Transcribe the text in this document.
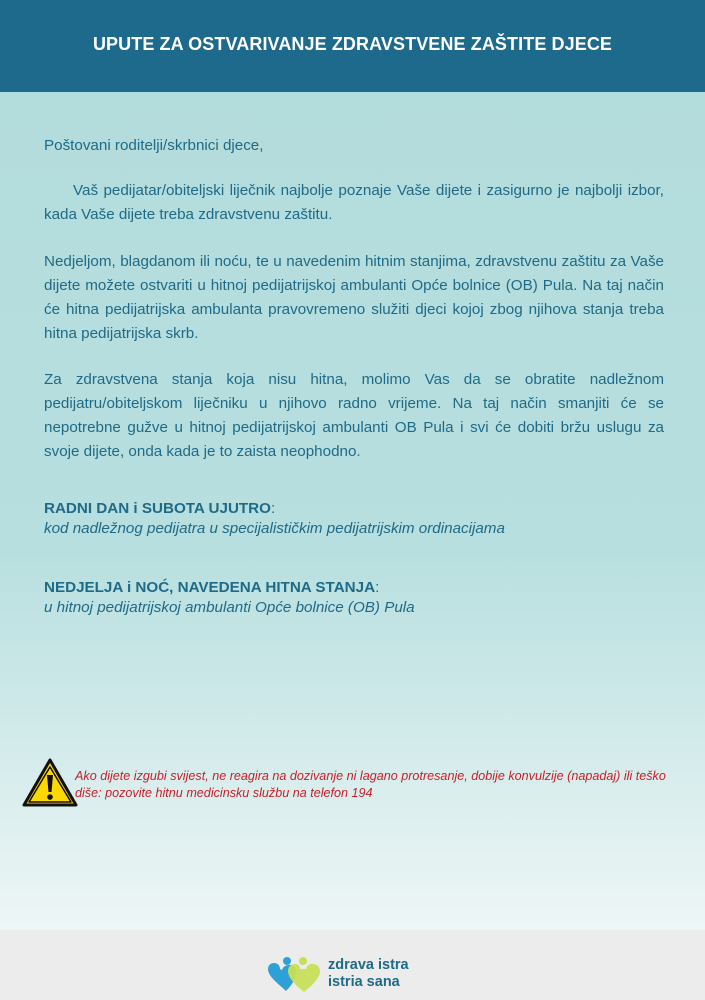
UPUTE ZA OSTVARIVANJE ZDRAVSTVENE ZAŠTITE DJECE
Poštovani roditelji/skrbnici djece,
Vaš pedijatar/obiteljski liječnik najbolje poznaje Vaše dijete i zasigurno je najbolji izbor, kada Vaše dijete treba zdravstvenu zaštitu.
Nedjeljom, blagdanom ili noću, te u navedenim hitnim stanjima, zdravstvenu zaštitu za Vaše dijete možete ostvariti u hitnoj pedijatrijskoj ambulanti Opće bolnice (OB) Pula. Na taj način će hitna pedijatrijska ambulanta pravovremeno služiti djeci kojoj zbog njihova stanja treba hitna pedijatrijska skrb.
Za zdravstvena stanja koja nisu hitna, molimo Vas da se obratite nadležnom pedijatru/obiteljskom liječniku u njihovo radno vrijeme. Na taj način smanjiti će se nepotrebne gužve u hitnoj pedijatrijskoj ambulanti OB Pula i svi će dobiti bržu uslugu za svoje dijete, onda kada je to zaista neophodno.
RADNI DAN i SUBOTA UJUTRO:
kod nadležnog pedijatra u specijalističkim pedijatrijskim ordinacijama
NEDJELJA i NOĆ, NAVEDENA HITNA STANJA:
u hitnoj pedijatrijskoj ambulanti Opće bolnice (OB) Pula
Ako dijete izgubi svijest, ne reagira na dozivanje ni lagano protresanje, dobije konvulzije (napadaj) ili teško diše: pozovite hitnu medicinsku službu na telefon 194
zdrava istra
istria sana
